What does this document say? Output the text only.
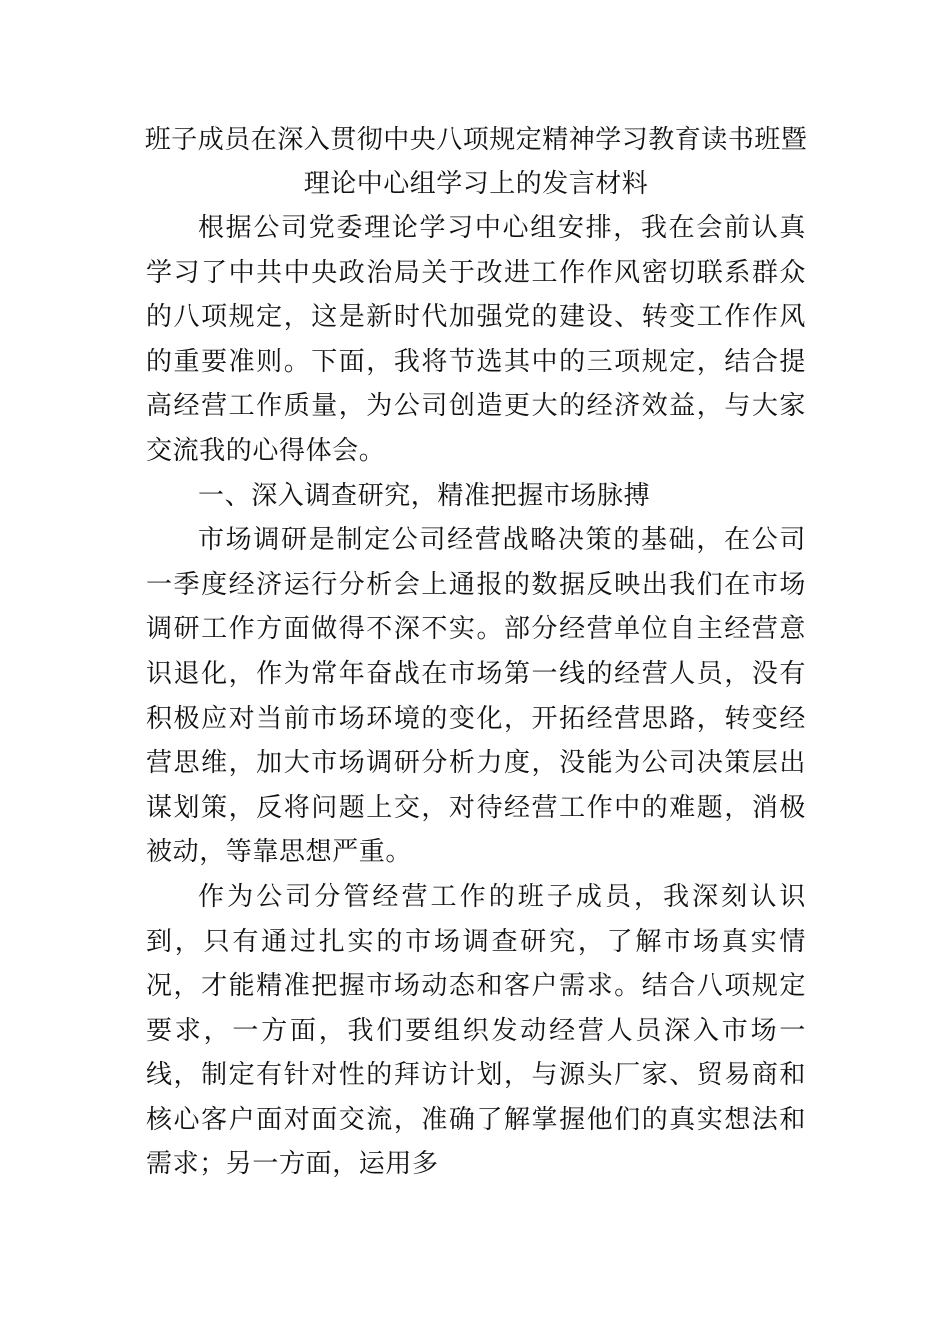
班子成员在深入贯彻中央八项规定精神学习教育读书班暨
理论中心组学习上的发言材料

根据公司党委理论学习中心组安排，我在会前认真学习了中共中央政治局关于改进工作作风密切联系群众的八项规定，这是新时代加强党的建设、转变工作作风的重要准则。下面，我将节选其中的三项规定，结合提高经营工作质量，为公司创造更大的经济效益，与大家交流我的心得体会。

一、深入调查研究，精准把握市场脉搏

市场调研是制定公司经营战略决策的基础，在公司一季度经济运行分析会上通报的数据反映出我们在市场调研工作方面做得不深不实。部分经营单位自主经营意识退化，作为常年奋战在市场第一线的经营人员，没有积极应对当前市场环境的变化，开拓经营思路，转变经营思维，加大市场调研分析力度，没能为公司决策层出谋划策，反将问题上交，对待经营工作中的难题，消极被动，等靠思想严重。

作为公司分管经营工作的班子成员，我深刻认识到，只有通过扎实的市场调查研究，了解市场真实情况，才能精准把握市场动态和客户需求。结合八项规定要求，一方面，我们要组织发动经营人员深入市场一线，制定有针对性的拜访计划，与源头厂家、贸易商和核心客户面对面交流，准确了解掌握他们的真实想法和需求；另一方面，运用多
